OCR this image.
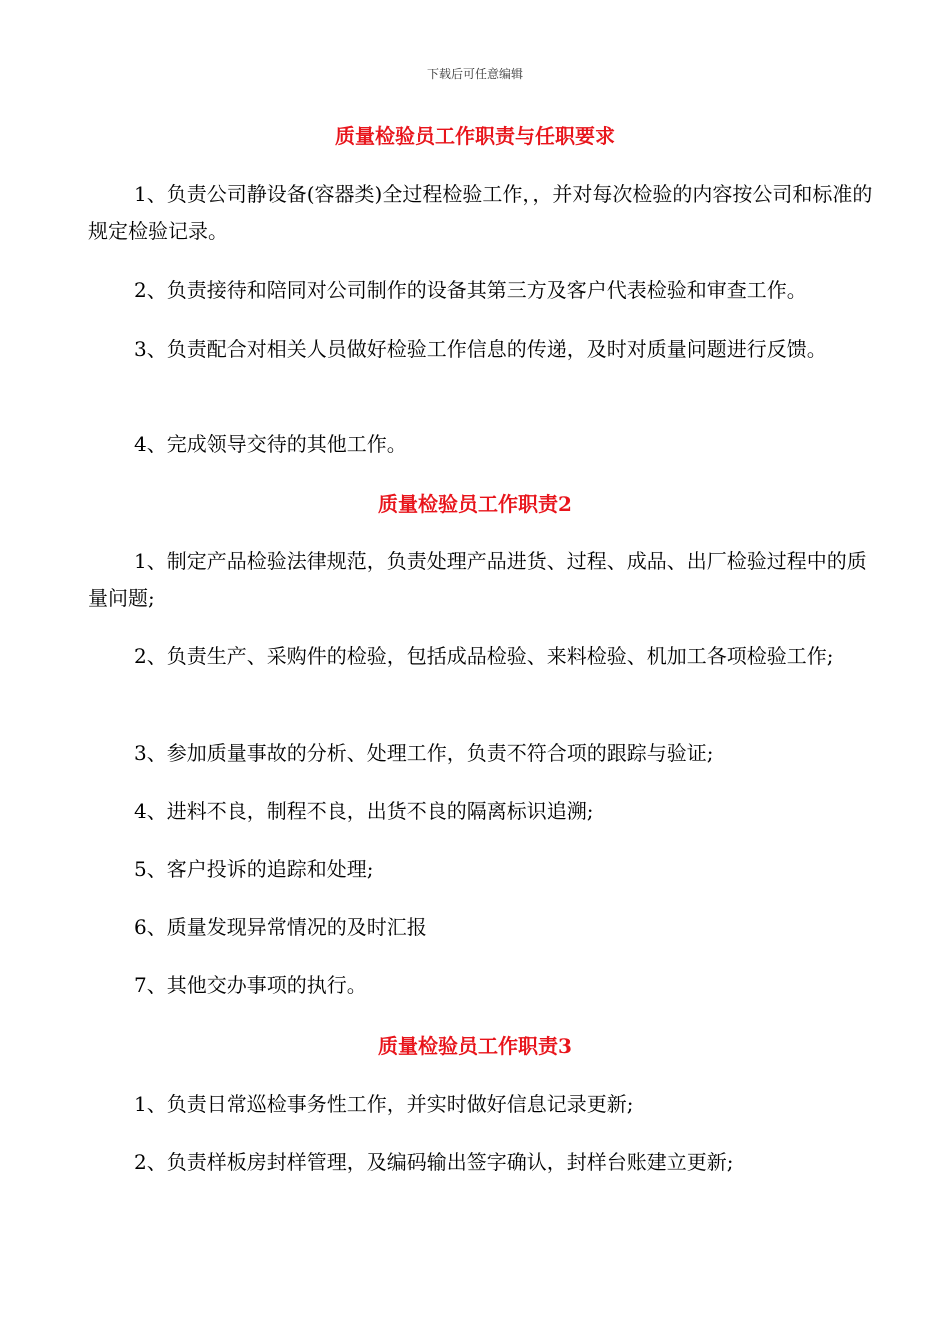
下载后可任意编辑
质量检验员工作职责与任职要求
1、负责公司静设备(容器类)全过程检验工作，，并对每次检验的内容按公司和标准的规定检验记录。
2、负责接待和陪同对公司制作的设备其第三方及客户代表检验和审查工作。
3、负责配合对相关人员做好检验工作信息的传递，及时对质量问题进行反馈。
4、完成领导交待的其他工作。
质量检验员工作职责2
1、制定产品检验法律规范，负责处理产品进货、过程、成品、出厂检验过程中的质量问题;
2、负责生产、采购件的检验，包括成品检验、来料检验、机加工各项检验工作;
3、参加质量事故的分析、处理工作，负责不符合项的跟踪与验证;
4、进料不良，制程不良，出货不良的隔离标识追溯;
5、客户投诉的追踪和处理;
6、质量发现异常情况的及时汇报
7、其他交办事项的执行。
质量检验员工作职责3
1、负责日常巡检事务性工作，并实时做好信息记录更新;
2、负责样板房封样管理，及编码输出签字确认，封样台账建立更新;
